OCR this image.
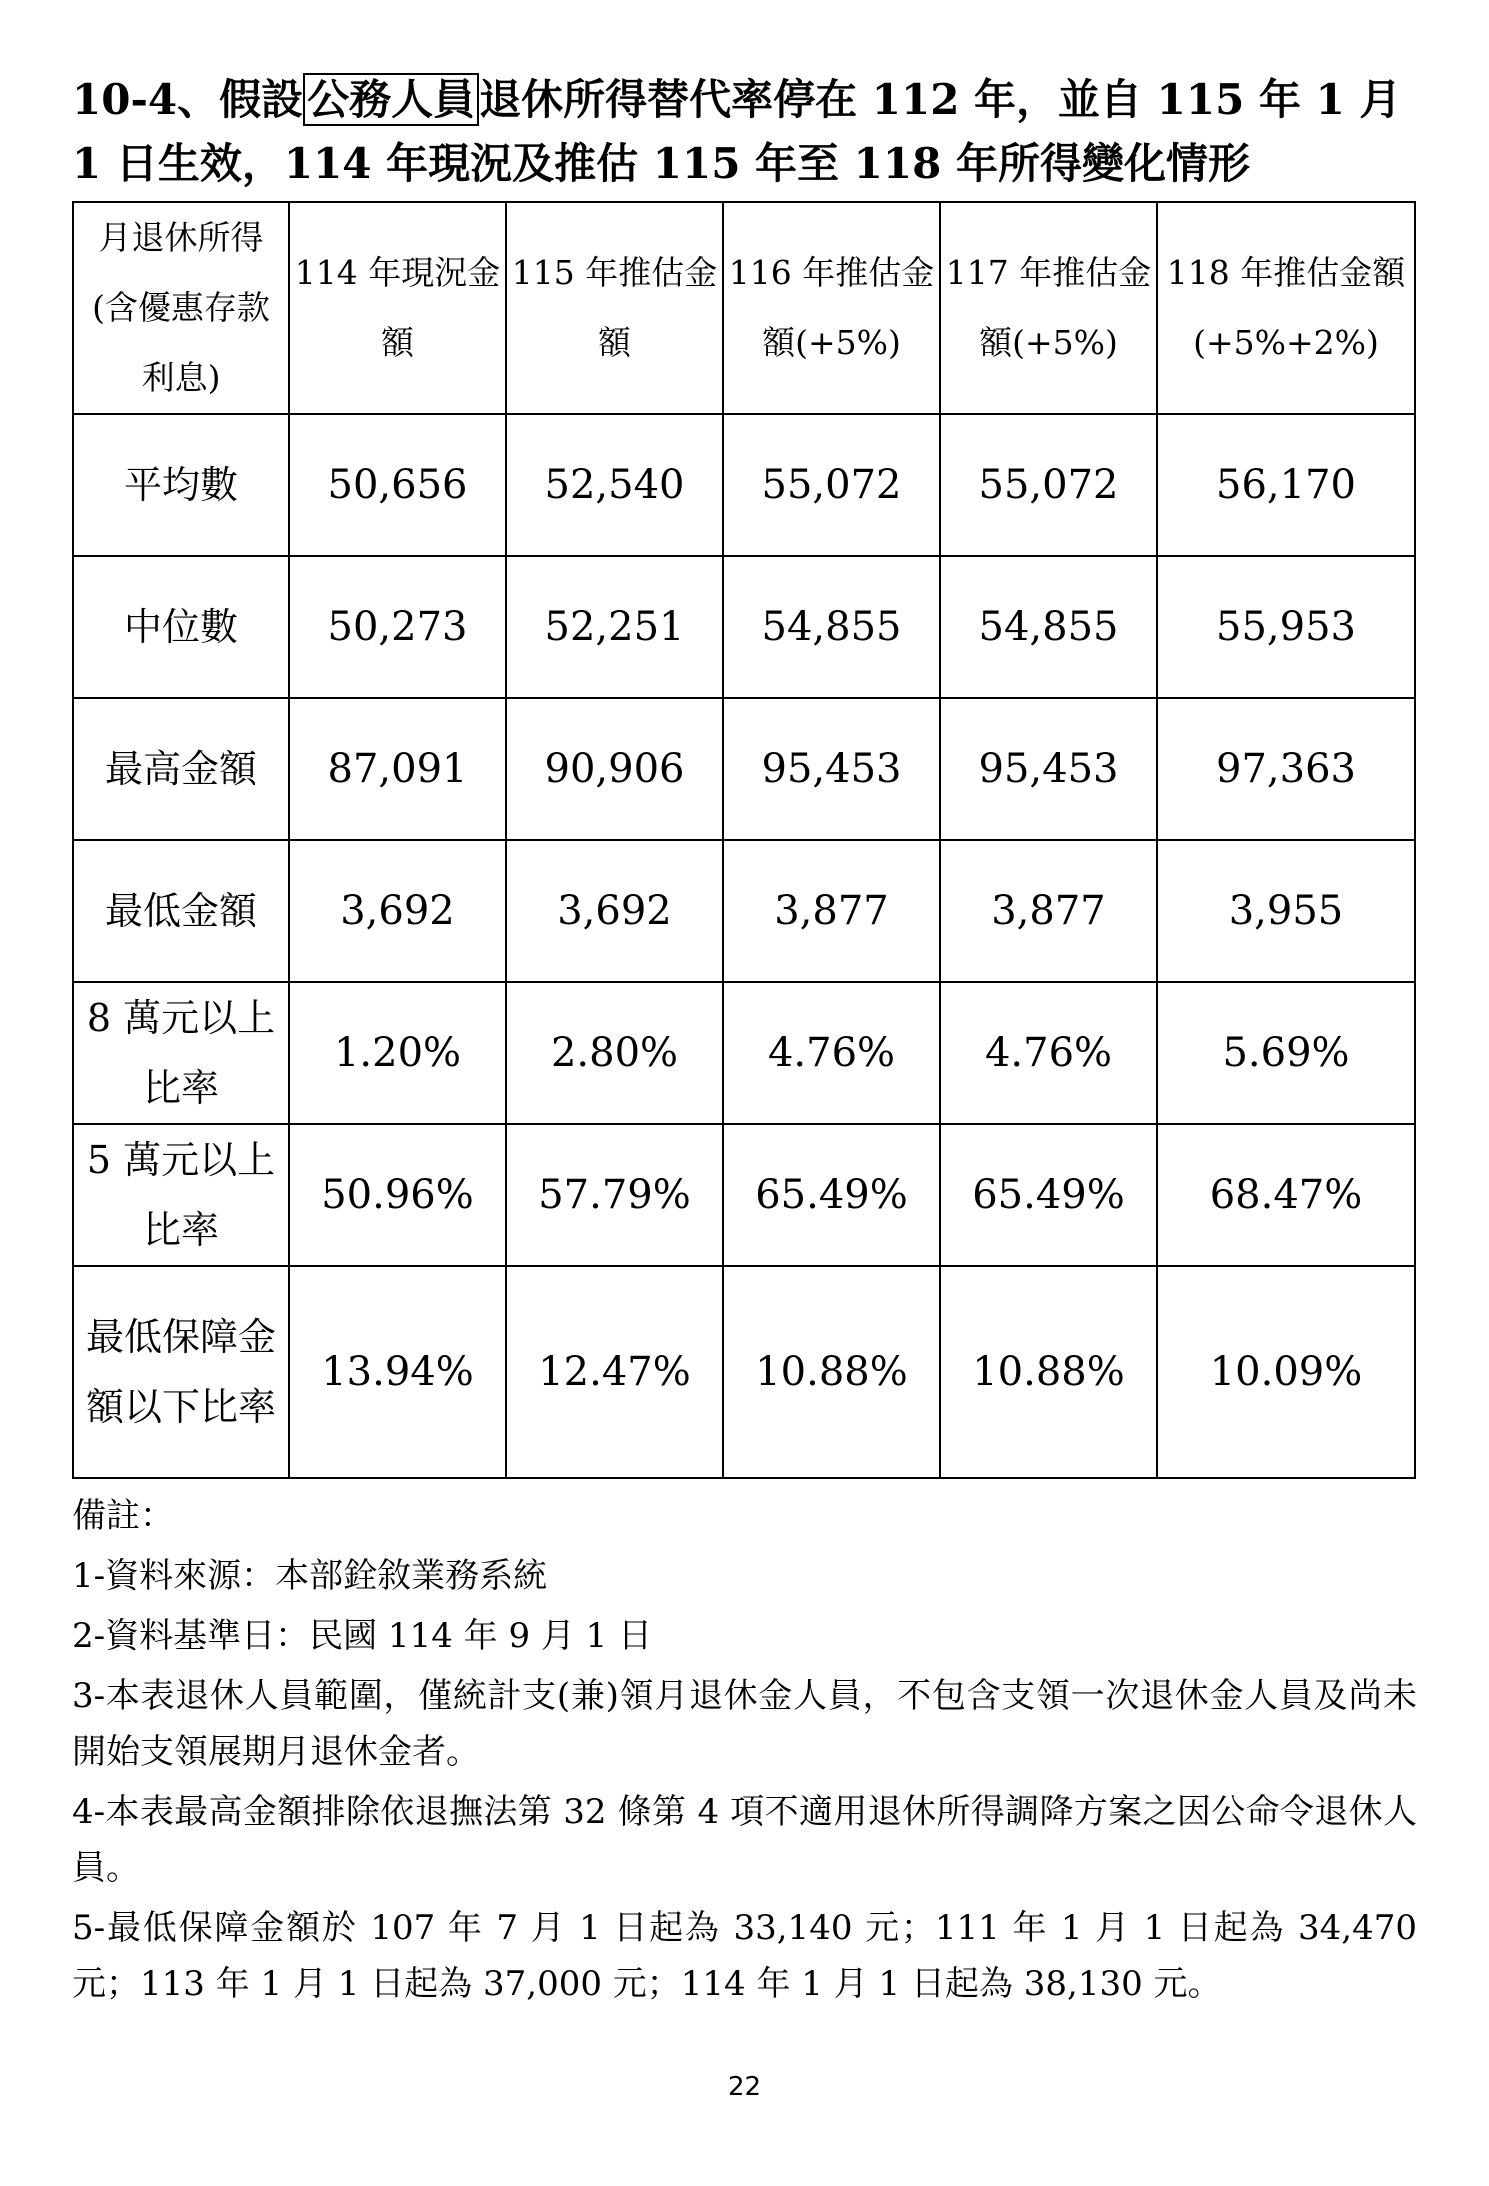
10-4、假設公務人員退休所得替代率停在 112 年，並自 115 年 1 月 1 日生效，114 年現況及推估 115 年至 118 年所得變化情形
月退休所得(含優惠存款利息)	114 年現況金額	115 年推估金額	116 年推估金額(+5%)	117 年推估金額(+5%)	118 年推估金額(+5%+2%)
平均數	50,656	52,540	55,072	55,072	56,170
中位數	50,273	52,251	54,855	54,855	55,953
最高金額	87,091	90,906	95,453	95,453	97,363
最低金額	3,692	3,692	3,877	3,877	3,955
8 萬元以上比率	1.20%	2.80%	4.76%	4.76%	5.69%
5 萬元以上比率	50.96%	57.79%	65.49%	65.49%	68.47%
最低保障金額以下比率	13.94%	12.47%	10.88%	10.88%	10.09%

備註：

1-資料來源：本部銓敘業務系統

2-資料基準日：民國 114 年 9 月 1 日

3-本表退休人員範圍，僅統計支(兼)領月退休金人員，不包含支領一次退休金人員及尚未開始支領展期月退休金者。

4-本表最高金額排除依退撫法第 32 條第 4 項不適用退休所得調降方案之因公命令退休人員。

5-最低保障金額於 107 年 7 月 1 日起為 33,140 元；111 年 1 月 1 日起為 34,470 元；113 年 1 月 1 日起為 37,000 元；114 年 1 月 1 日起為 38,130 元。

22
